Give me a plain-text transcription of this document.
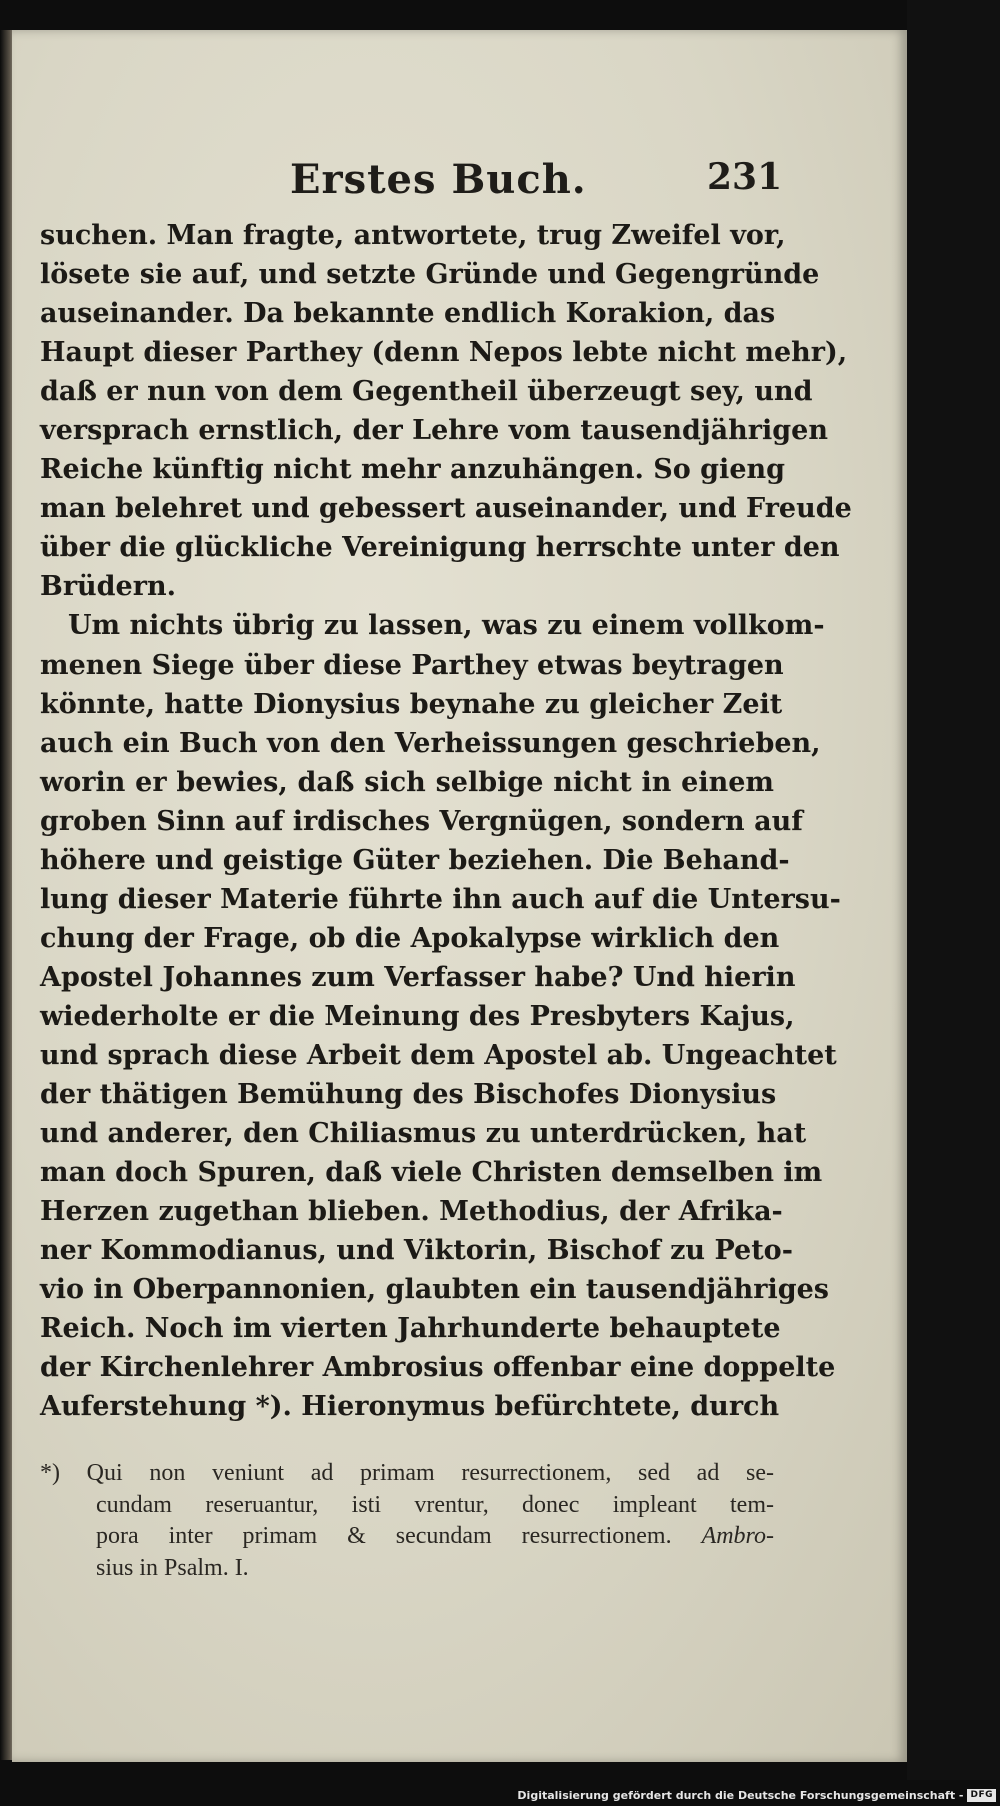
Erstes Buch.	231
suchen. Man fragte, antwortete, trug Zweifel vor,
lösete sie auf, und setzte Gründe und Gegengründe
auseinander. Da bekannte endlich Korakion, das
Haupt dieser Parthey (denn Nepos lebte nicht mehr),
daß er nun von dem Gegentheil überzeugt sey, und
versprach ernstlich, der Lehre vom tausendjährigen
Reiche künftig nicht mehr anzuhängen. So gieng
man belehret und gebessert auseinander, und Freude
über die glückliche Vereinigung herrschte unter den
Brüdern.
Um nichts übrig zu lassen, was zu einem vollkom-
menen Siege über diese Parthey etwas beytragen
könnte, hatte Dionysius beynahe zu gleicher Zeit
auch ein Buch von den Verheissungen geschrieben,
worin er bewies, daß sich selbige nicht in einem
groben Sinn auf irdisches Vergnügen, sondern auf
höhere und geistige Güter beziehen. Die Behand-
lung dieser Materie führte ihn auch auf die Untersu-
chung der Frage, ob die Apokalypse wirklich den
Apostel Johannes zum Verfasser habe? Und hierin
wiederholte er die Meinung des Presbyters Kajus,
und sprach diese Arbeit dem Apostel ab. Ungeachtet
der thätigen Bemühung des Bischofes Dionysius
und anderer, den Chiliasmus zu unterdrücken, hat
man doch Spuren, daß viele Christen demselben im
Herzen zugethan blieben. Methodius, der Afrika-
ner Kommodianus, und Viktorin, Bischof zu Peto-
vio in Oberpannonien, glaubten ein tausendjähriges
Reich. Noch im vierten Jahrhunderte behauptete
der Kirchenlehrer Ambrosius offenbar eine doppelte
Auferstehung *). Hieronymus befürchtete, durch
*) Qui non veniunt ad primam resurrectionem, sed ad se-
cundam reseruantur, isti vrentur, donec impleant tem-
pora inter primam & secundam resurrectionem. Ambro-
sius in Psalm. I.
Digitalisierung gefördert durch die Deutsche Forschungsgemeinschaft - DFG
